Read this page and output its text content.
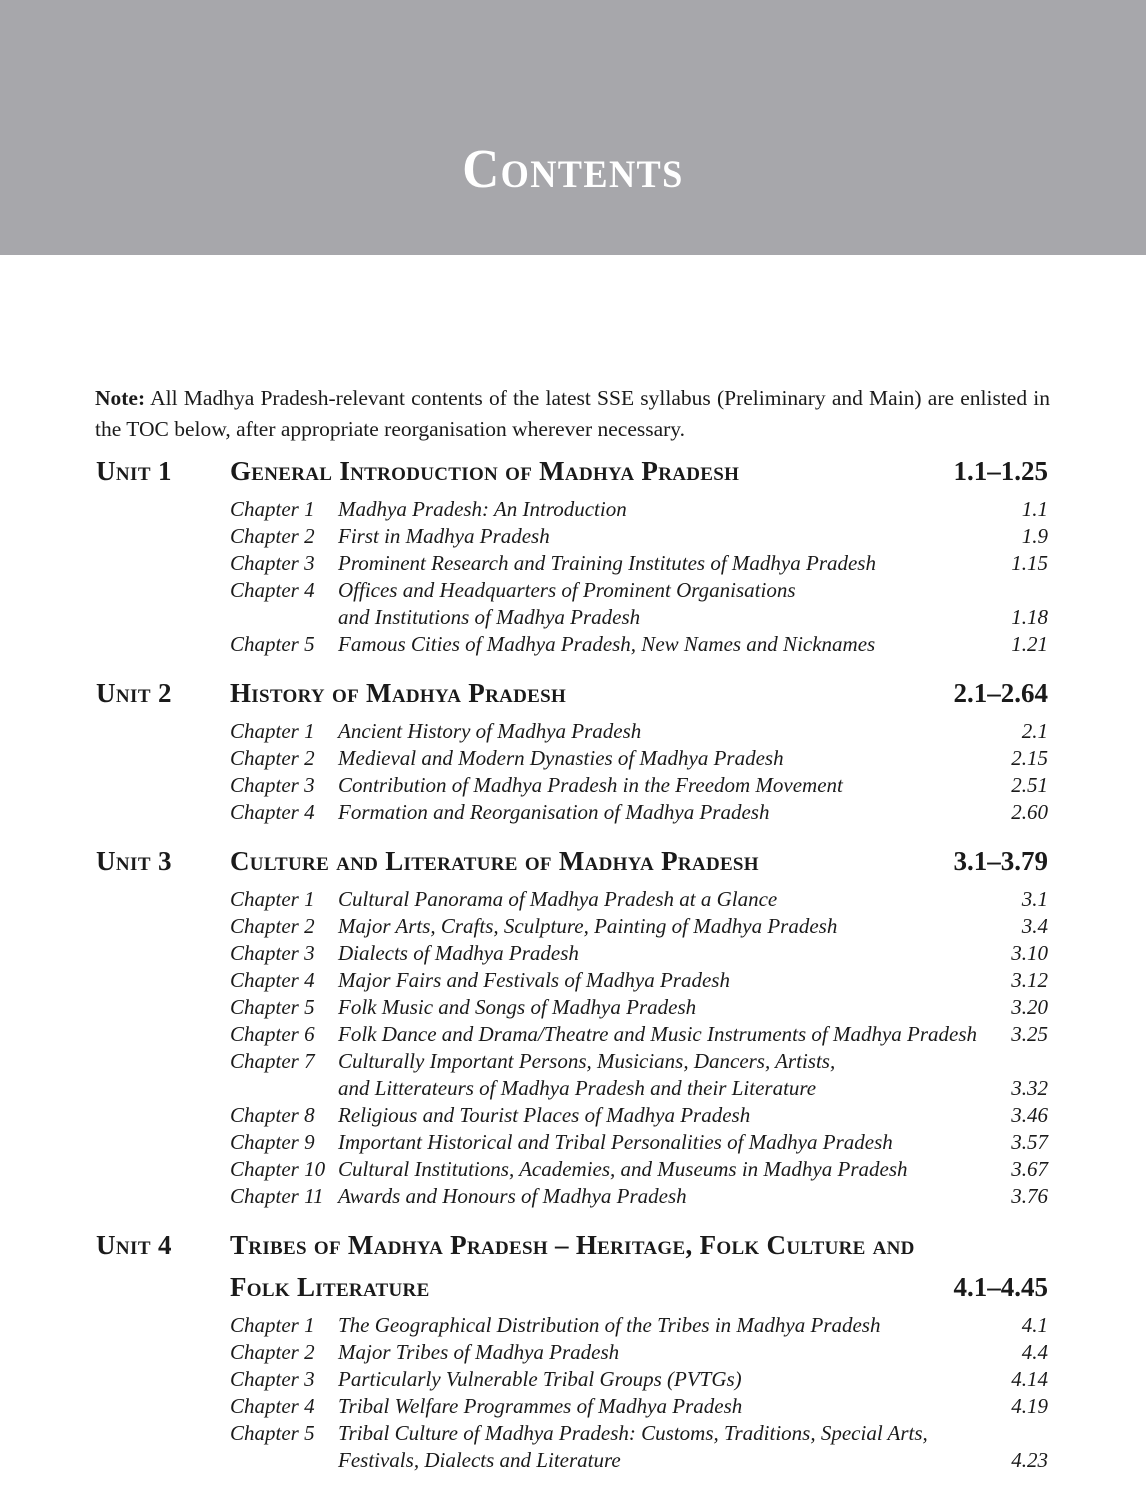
Contents
Note: All Madhya Pradesh-relevant contents of the latest SSE syllabus (Preliminary and Main) are enlisted in the TOC below, after appropriate reorganisation wherever necessary.
Unit 1	General Introduction of Madhya Pradesh	1.1–1.25
Chapter 1	Madhya Pradesh: An Introduction	1.1
Chapter 2	First in Madhya Pradesh	1.9
Chapter 3	Prominent Research and Training Institutes of Madhya Pradesh	1.15
Chapter 4	Offices and Headquarters of Prominent Organisations
and Institutions of Madhya Pradesh	1.18
Chapter 5	Famous Cities of Madhya Pradesh, New Names and Nicknames	1.21
Unit 2	History of Madhya Pradesh	2.1–2.64
Chapter 1	Ancient History of Madhya Pradesh	2.1
Chapter 2	Medieval and Modern Dynasties of Madhya Pradesh	2.15
Chapter 3	Contribution of Madhya Pradesh in the Freedom Movement	2.51
Chapter 4	Formation and Reorganisation of Madhya Pradesh	2.60
Unit 3	Culture and Literature of Madhya Pradesh	3.1–3.79
Chapter 1	Cultural Panorama of Madhya Pradesh at a Glance	3.1
Chapter 2	Major Arts, Crafts, Sculpture, Painting of Madhya Pradesh	3.4
Chapter 3	Dialects of Madhya Pradesh	3.10
Chapter 4	Major Fairs and Festivals of Madhya Pradesh	3.12
Chapter 5	Folk Music and Songs of Madhya Pradesh	3.20
Chapter 6	Folk Dance and Drama/Theatre and Music Instruments of Madhya Pradesh	3.25
Chapter 7	Culturally Important Persons, Musicians, Dancers, Artists,
and Litterateurs of Madhya Pradesh and their Literature	3.32
Chapter 8	Religious and Tourist Places of Madhya Pradesh	3.46
Chapter 9	Important Historical and Tribal Personalities of Madhya Pradesh	3.57
Chapter 10 Cultural Institutions, Academies, and Museums in Madhya Pradesh	3.67
Chapter 11 Awards and Honours of Madhya Pradesh	3.76
Unit 4	Tribes of Madhya Pradesh – Heritage, Folk Culture and
Folk Literature	4.1–4.45
Chapter 1	The Geographical Distribution of the Tribes in Madhya Pradesh	4.1
Chapter 2	Major Tribes of Madhya Pradesh	4.4
Chapter 3	Particularly Vulnerable Tribal Groups (PVTGs)	4.14
Chapter 4	Tribal Welfare Programmes of Madhya Pradesh	4.19
Chapter 5	Tribal Culture of Madhya Pradesh: Customs, Traditions, Special Arts,
Festivals, Dialects and Literature	4.23
